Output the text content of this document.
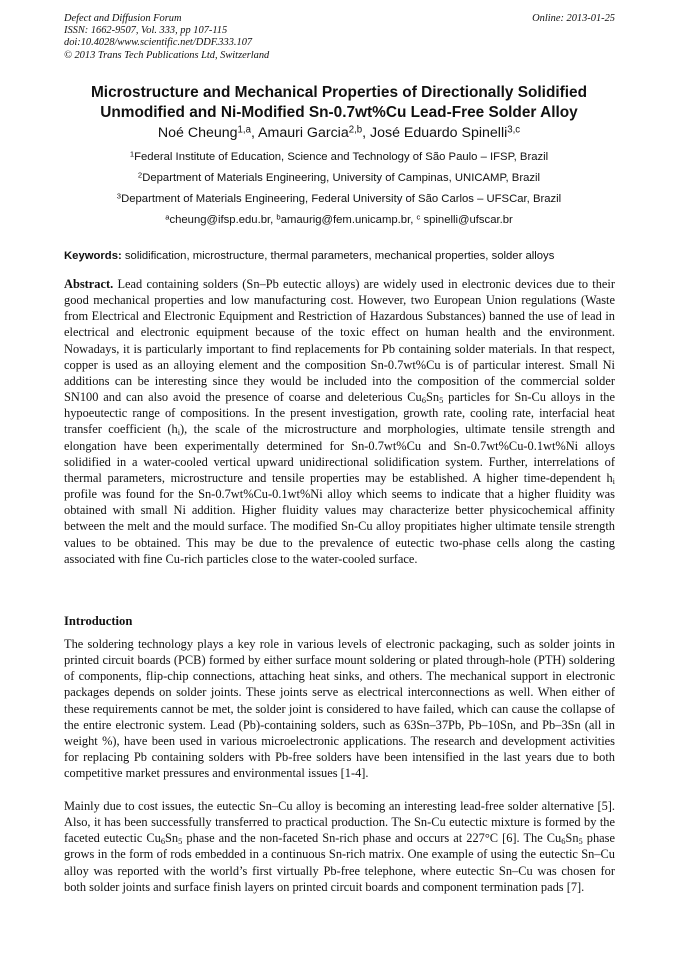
Defect and Diffusion Forum
ISSN: 1662-9507, Vol. 333, pp 107-115
doi:10.4028/www.scientific.net/DDF.333.107
© 2013 Trans Tech Publications Ltd, Switzerland
Online: 2013-01-25
Microstructure and Mechanical Properties of Directionally Solidified
Unmodified and Ni-Modified Sn-0.7wt%Cu Lead-Free Solder Alloy
Noé Cheung$^{1,a}$, Amauri Garcia$^{2,b}$, José Eduardo Spinelli$^{3,c}$
$^1$Federal Institute of Education, Science and Technology of São Paulo – IFSP, Brazil
$^2$Department of Materials Engineering, University of Campinas, UNICAMP, Brazil
$^3$Department of Materials Engineering, Federal University of São Carlos – UFSCar, Brazil
$^a$cheung@ifsp.edu.br, $^b$amaurig@fem.unicamp.br, $^c$ spinelli@ufscar.br
Keywords: solidification, microstructure, thermal parameters, mechanical properties, solder alloys

Abstract. Lead containing solders (Sn–Pb eutectic alloys) are widely used in electronic devices due to their good mechanical properties and low manufacturing cost. However, two European Union regulations (Waste from Electrical and Electronic Equipment and Restriction of Hazardous Substances) banned the use of lead in electrical and electronic equipment because of the toxic effect on human health and the environment. Nowadays, it is particularly important to find replacements for Pb containing solder materials. In that respect, copper is used as an alloying element and the composition Sn-0.7wt%Cu is of particular interest. Small Ni additions can be interesting since they would be included into the composition of the commercial solder SN100 and can also avoid the presence of coarse and deleterious $Cu_6Sn_5$ particles for Sn-Cu alloys in the hypoeutectic range of compositions. In the present investigation, growth rate, cooling rate, interfacial heat transfer coefficient $(h_i)$, the scale of the microstructure and morphologies, ultimate tensile strength and elongation have been experimentally determined for Sn-0.7wt%Cu and Sn-0.7wt%Cu-0.1wt%Ni alloys solidified in a water-cooled vertical upward unidirectional solidification system. Further, interrelations of thermal parameters, microstructure and tensile properties may be established. A higher time-dependent $h_i$ profile was found for the Sn-0.7wt%Cu-0.1wt%Ni alloy which seems to indicate that a higher fluidity was obtained with small Ni addition. Higher fluidity values may characterize better physicochemical affinity between the melt and the mould surface. The modified Sn-Cu alloy propitiates higher ultimate tensile strength values to be obtained. This may be due to the prevalence of eutectic two-phase cells along the casting associated with fine Cu-rich particles close to the water-cooled surface.

Introduction

The soldering technology plays a key role in various levels of electronic packaging, such as solder joints in printed circuit boards (PCB) formed by either surface mount soldering or plated through-hole (PTH) soldering of components, flip-chip connections, attaching heat sinks, and others. The mechanical support in electronic packages depends on solder joints. These joints serve as electrical interconnections as well. When either of these requirements cannot be met, the solder joint is considered to have failed, which can cause the collapse of the entire electronic system. Lead (Pb)-containing solders, such as 63Sn–37Pb, Pb–10Sn, and Pb–3Sn (all in weight %), have been used in various microelectronic applications. The research and development activities for replacing Pb containing solders with Pb-free solders have been intensified in the last years due to both competitive market pressures and environmental issues [1-4].

Mainly due to cost issues, the eutectic Sn–Cu alloy is becoming an interesting lead-free solder alternative [5]. Also, it has been successfully transferred to practical production. The Sn-Cu eutectic mixture is formed by the faceted eutectic $Cu_6Sn_5$ phase and the non-faceted Sn-rich phase and occurs at 227°C [6]. The $Cu_6Sn_5$ phase grows in the form of rods embedded in a continuous Sn-rich matrix. One example of using the eutectic Sn–Cu alloy was reported with the world’s first virtually Pb-free telephone, where eutectic Sn–Cu was chosen for both solder joints and surface finish layers on printed circuit boards and component termination pads [7].
